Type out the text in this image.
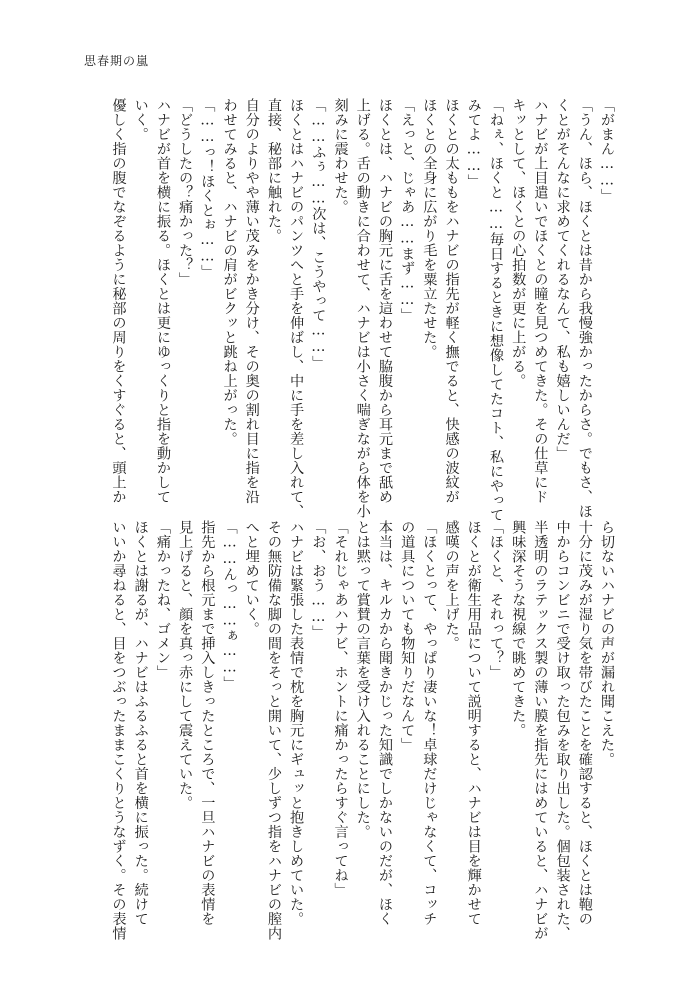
思春期の嵐

「がまん……」

「うん、ほら、ほくとは昔から我慢強かったからさ。でもさ、ほ

くとがそんなに求めてくれるなんて、私も嬉しいんだ」

ハナビが上目遣いでほくとの瞳を見つめてきた。その仕草にド

キッとして、ほくとの心拍数が更に上がる。

「ねぇ、ほくと……毎日するときに想像してたコト、私にやって

みてよ……」

ほくとの太ももをハナビの指先が軽く撫でると、快感の波紋が

ほくとの全身に広がり毛を粟立たせた。

「えっと、じゃあ……まず……」

ほくとは、ハナビの胸元に舌を這わせて脇腹から耳元まで舐め

上げる。舌の動きに合わせて、ハナビは小さく喘ぎながら体を小

刻みに震わせた。

「……ふぅ……次は、こうやって……」

ほくとはハナビのパンツへと手を伸ばし、中に手を差し入れて、

直接、秘部に触れた。

自分のよりやや薄い茂みをかき分け、その奥の割れ目に指を沿

わせてみると、ハナビの肩がビクッと跳ね上がった。

「……っ！ほくとぉ……」

「どうしたの？痛かった？」

ハナビが首を横に振る。ほくとは更にゆっくりと指を動かして

いく。

優しく指の腹でなぞるように秘部の周りをくすぐると、頭上か

ら切ないハナビの声が漏れ聞こえた。

十分に茂みが湿り気を帯びたことを確認すると、ほくとは鞄の

中からコンビニで受け取った包みを取り出した。個包装された、

半透明のラテックス製の薄い膜を指先にはめていると、ハナビが

興味深そうな視線で眺めてきた。

「ほくと、それって？」

ほくとが衛生用品について説明すると、ハナビは目を輝かせて

感嘆の声を上げた。

「ほくとって、やっぱり凄いな！卓球だけじゃなくて、コッチ

の道具についても物知りだなんて」

本当は、キルカから聞きかじった知識でしかないのだが、ほく

とは黙って賞賛の言葉を受け入れることにした。

「それじゃあハナビ、ホントに痛かったらすぐ言ってね」

「お、おう……」

ハナビは緊張した表情で枕を胸元にギュッと抱きしめていた。

その無防備な脚の間をそっと開いて、少しずつ指をハナビの膣内

へと埋めていく。

「……んっ……ぁ……」

指先から根元まで挿入しきったところで、一旦ハナビの表情を

見上げると、顔を真っ赤にして震えていた。

「痛かったね、ゴメン」

ほくとは謝るが、ハナビはふるふると首を横に振った。続けて

いいか尋ねると、目をつぶったままこくりとうなずく。その表情
